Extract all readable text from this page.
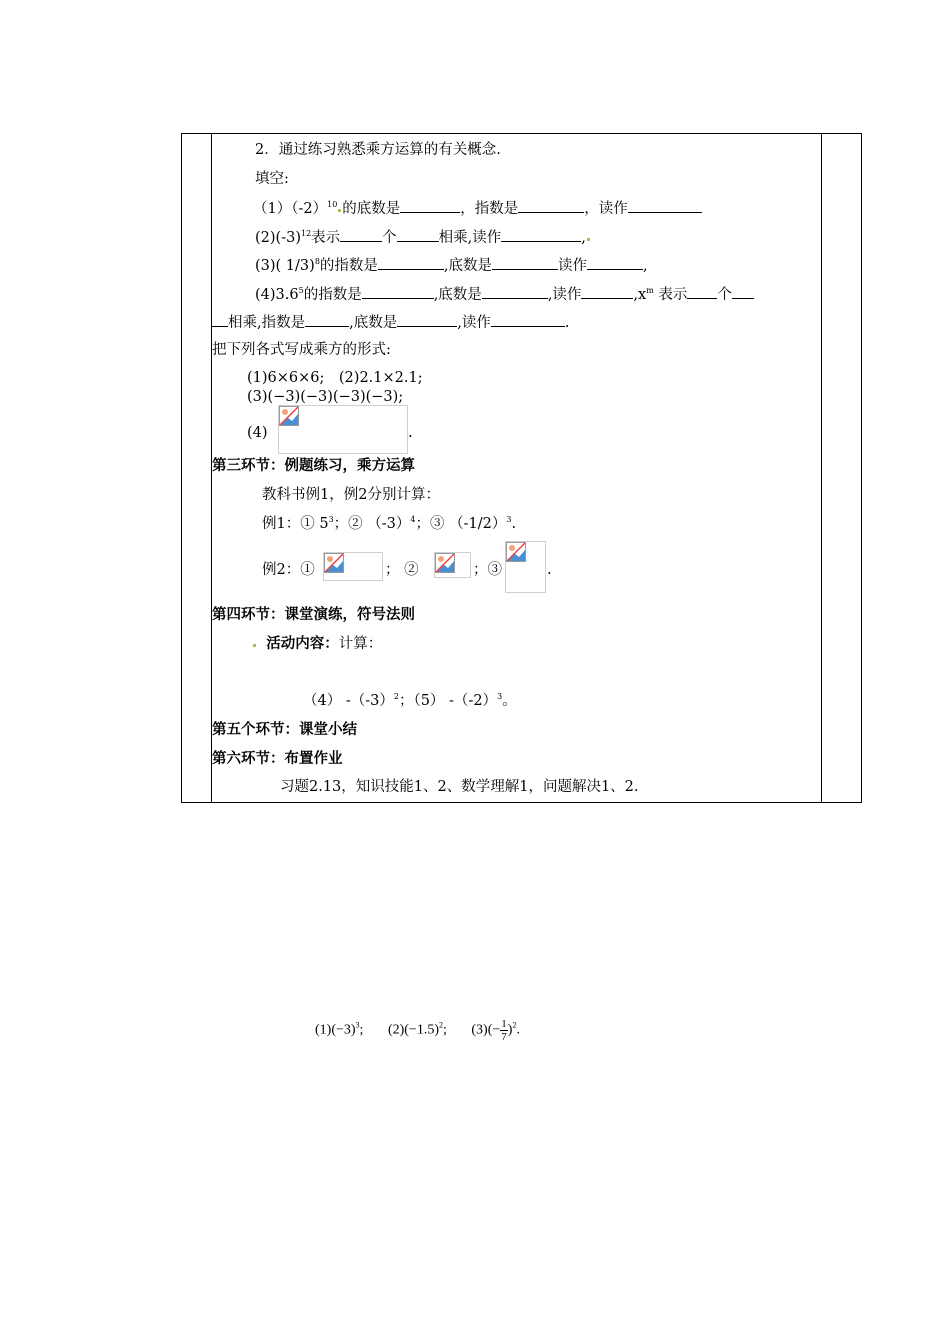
2．通过练习熟悉乘方运算的有关概念.
填空:
$(1)(-2)^{10}$ 的底数是	，指数是	，读作
$(2)(-3)^{12}$表示	个	相乘,读作	,
(3)( 1/3)$^8$的指数是	,底数是	读作	,
$(4)3.6^5$的指数是	,底数是	,读作	$,x^m$ 表示 个
相乘,指数是	,底数是	,读作	.
把下列各式写成乘方的形式:
(1)6×6×6;　(2)2.1×2.1;
(3)(−3)(−3)(−3)(−3);
(4)	.
第三环节：例题练习，乘方运算
教科书例1，例2分别计算：
例1：① $5^3$；② $(-3)^4$；③ $(-1/2)^3$.
例2：①	； ②	；③	.
第四环节：课堂演练，符号法则
活动内容：计算：
（4） $-(-3)^2$；（5） $-(-2)^3$。
第五个环节：课堂小结
第六环节：布置作业
习题2.13，知识技能1、2、数学理解1，问题解决1、2.
$(1)(-3)^3$; $(2)(-1.5)^2$; $(3)(- \frac{1}{7} )^2$.
